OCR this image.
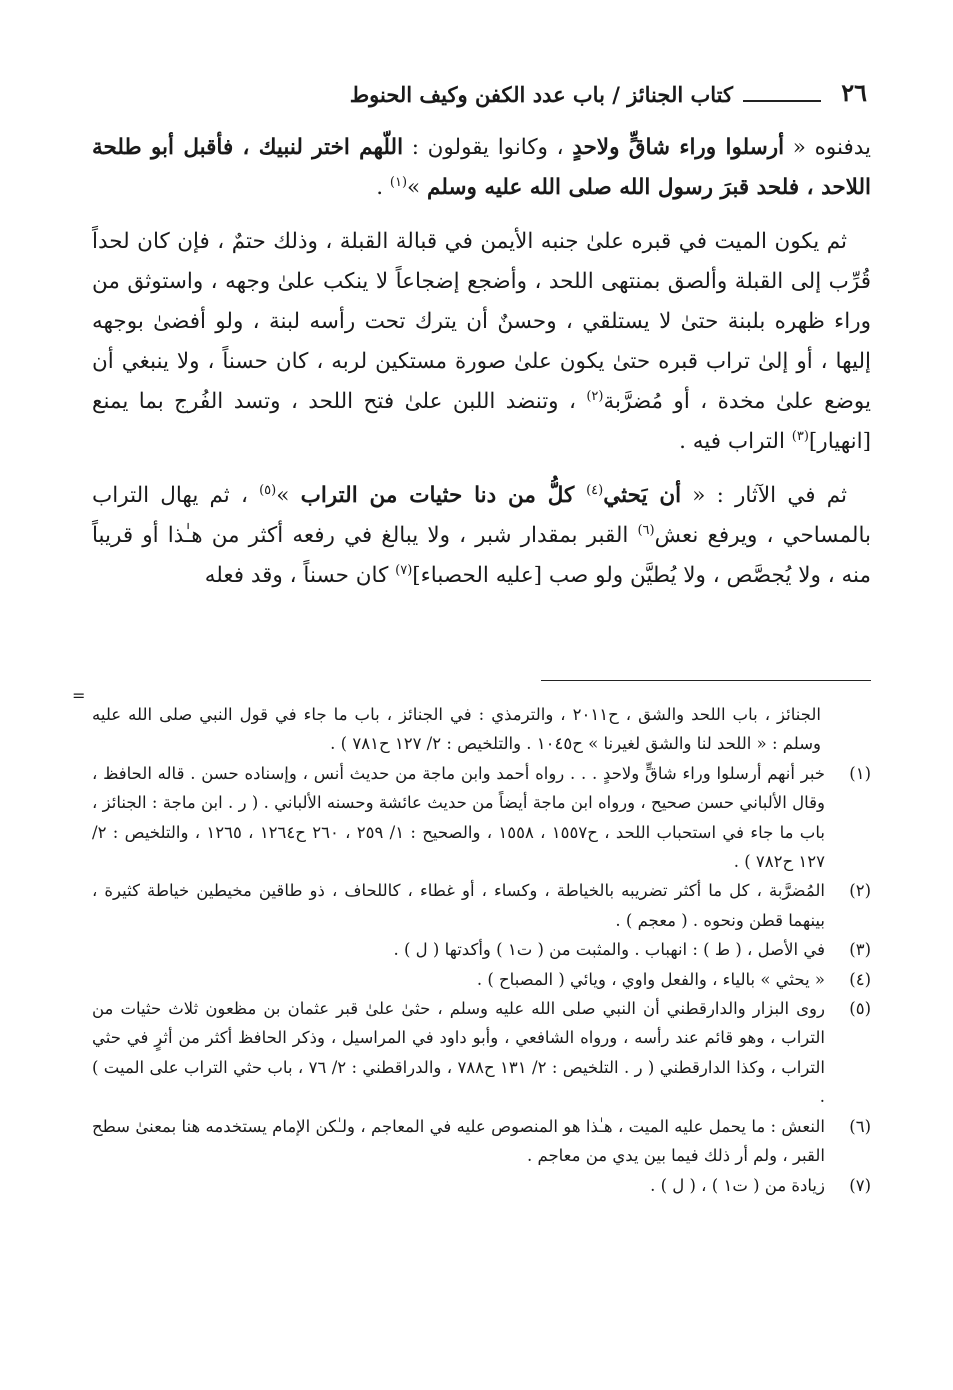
٢٦
كتاب الجنائز / باب عدد الكفن وكيف الحنوط

يدفنوه « أرسلوا وراء شاقٍّ ولاحدٍ ، وكانوا يقولون : اللّهم اختر لنبيك ، فأقبل أبو طلحة اللاحد ، فلحد قبرَ رسول الله صلى الله عليه وسلم »$^{(١)}$ .

ثم يكون الميت في قبره علىٰ جنبه الأيمن في قبالة القبلة ، وذلك حتمٌ ، فإن كان لحداً قُرِّب إلى القبلة وألصق بمنتهى اللحد ، وأضجع إضجاعاً لا ينكب علىٰ وجهه ، واستوثق من وراء ظهره بلبنة حتىٰ لا يستلقي ، وحسنٌ أن يترك تحت رأسه لبنة ، ولو أفضىٰ بوجهه إليها ، أو إلىٰ تراب قبره حتىٰ يكون علىٰ صورة مستكين لربه ، كان حسناً ، ولا ينبغي أن يوضع علىٰ مخدة ، أو مُضرَّبة$^{(٢)}$ ، وتنضد اللبن علىٰ فتح اللحد ، وتسد الفُرج بما يمنع [انهيار]$^{(٣)}$ التراب فيه .

ثم في الآثار : « أن يَحثي$^{(٤)}$ كلُّ من دنا حثيات من التراب »$^{(٥)}$ ، ثم يهال التراب بالمساحي ، ويرفع نعش$^{(٦)}$ القبر بمقدار شبر ، ولا يبالغ في رفعه أكثر من هـٰذا أو قريباً منه ، ولا يُجصَّص ، ولا يُطيَّن ولو صب [عليه الحصباء]$^{(٧)}$ كان حسناً ، وقد فعله

=
الجنائز ، باب اللحد والشق ، ح٢٠١١ ، والترمذي : في الجنائز ، باب ما جاء في قول النبي صلى الله عليه وسلم : « اللحد لنا والشق لغيرنا » ح١٠٤٥ . والتلخيص : ٢/ ١٢٧ ح٧٨١ ) .
(١)
خبر أنهم أرسلوا وراء شاقٍّ ولاحدٍ . . . رواه أحمد وابن ماجة من حديث أنس ، وإسناده حسن . قاله الحافظ ، وقال الألباني حسن صحيح ، ورواه ابن ماجة أيضاً من حديث عائشة وحسنه الألباني . ( ر . ابن ماجة : الجنائز ، باب ما جاء في استحباب اللحد ، ح١٥٥٧ ، ١٥٥٨ ، والصحيح : ١/ ٢٥٩ ، ٢٦٠ ح١٢٦٤ ، ١٢٦٥ ، والتلخيص : ٢/ ١٢٧ ح٧٨٢ ) .
(٢)
المُضرَّبة ، كل ما أكثر تضريبه بالخياطة ، وكساء ، أو غطاء ، كاللحاف ، ذو طاقين مخيطين خياطة كثيرة ، بينهما قطن ونحوه . ( معجم ) .
(٣)
في الأصل ، ( ط ) : انهباب . والمثبت من ( ت١ ) وأكدتها ( ل ) .
(٤)
« يحثي » بالياء ، والفعل واوي ، ويائي ( المصباح ) .
(٥)
روى البزار والدارقطني أن النبي صلى الله عليه وسلم ، حثىٰ علىٰ قبر عثمان بن مظعون ثلاث حثيات من التراب ، وهو قائم عند رأسه ، ورواه الشافعي ، وأبو داود في المراسيل ، وذكر الحافظ أكثر من أثرٍ في حثي التراب ، وكذا الدارقطني ( ر . التلخيص : ٢/ ١٣١ ح٧٨٨ ، والدراقطني : ٢/ ٧٦ ، باب حثي التراب على الميت ) .
(٦)
النعش : ما يحمل عليه الميت ، هـٰذا هو المنصوص عليه في المعاجم ، ولـٰكن الإمام يستخدمه هنا بمعنىٰ سطح القبر ، ولم أر ذلك فيما بين يدي من معاجم .
(٧)
زيادة من ( ت١ ) ، ( ل ) .
